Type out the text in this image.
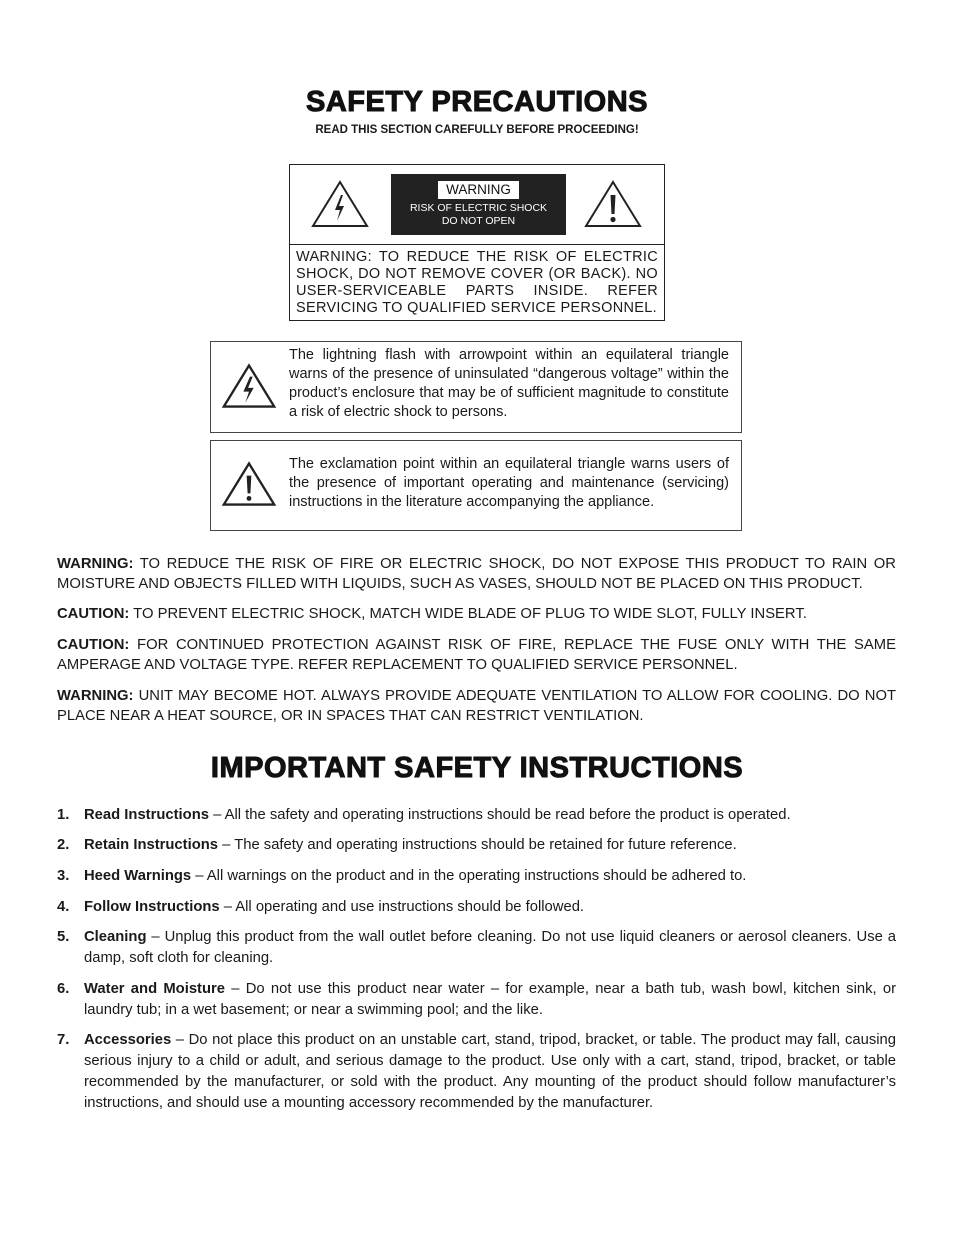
SAFETY PRECAUTIONS
READ THIS SECTION CAREFULLY BEFORE PROCEEDING!
WARNING
RISK OF ELECTRIC SHOCK
DO NOT OPEN
WARNING: TO REDUCE THE RISK OF ELECTRIC SHOCK, DO NOT REMOVE COVER (OR BACK). NO USER-SERVICEABLE PARTS INSIDE. REFER SERVICING TO QUALIFIED SERVICE PERSONNEL.
The lightning flash with arrowpoint within an equilateral triangle warns of the presence of uninsulated “dangerous voltage” within the product’s enclosure that may be of sufficient magnitude to constitute a risk of electric shock to persons.
The exclamation point within an equilateral triangle warns users of the presence of important operating and maintenance (servicing) instructions in the literature accompanying the appliance.

WARNING: TO REDUCE THE RISK OF FIRE OR ELECTRIC SHOCK, DO NOT EXPOSE THIS PRODUCT TO RAIN OR MOISTURE AND OBJECTS FILLED WITH LIQUIDS, SUCH AS VASES, SHOULD NOT BE PLACED ON THIS PRODUCT.

CAUTION: TO PREVENT ELECTRIC SHOCK, MATCH WIDE BLADE OF PLUG TO WIDE SLOT, FULLY INSERT.

CAUTION: FOR CONTINUED PROTECTION AGAINST RISK OF FIRE, REPLACE THE FUSE ONLY WITH THE SAME AMPERAGE AND VOLTAGE TYPE. REFER REPLACEMENT TO QUALIFIED SERVICE PERSONNEL.

WARNING: UNIT MAY BECOME HOT. ALWAYS PROVIDE ADEQUATE VENTILATION TO ALLOW FOR COOLING. DO NOT PLACE NEAR A HEAT SOURCE, OR IN SPACES THAT CAN RESTRICT VENTILATION.

IMPORTANT SAFETY INSTRUCTIONS
1. Read Instructions – All the safety and operating instructions should be read before the product is operated.
2. Retain Instructions – The safety and operating instructions should be retained for future reference.
3. Heed Warnings – All warnings on the product and in the operating instructions should be adhered to.
4. Follow Instructions – All operating and use instructions should be followed.
5. Cleaning – Unplug this product from the wall outlet before cleaning. Do not use liquid cleaners or aerosol cleaners. Use a damp, soft cloth for cleaning.
6. Water and Moisture – Do not use this product near water – for example, near a bath tub, wash bowl, kitchen sink, or laundry tub; in a wet basement; or near a swimming pool; and the like.
7. Accessories – Do not place this product on an unstable cart, stand, tripod, bracket, or table. The product may fall, causing serious injury to a child or adult, and serious damage to the product. Use only with a cart, stand, tripod, bracket, or table recommended by the manufacturer, or sold with the product. Any mounting of the product should follow manufacturer’s instructions, and should use a mounting accessory recommended by the manufacturer.
